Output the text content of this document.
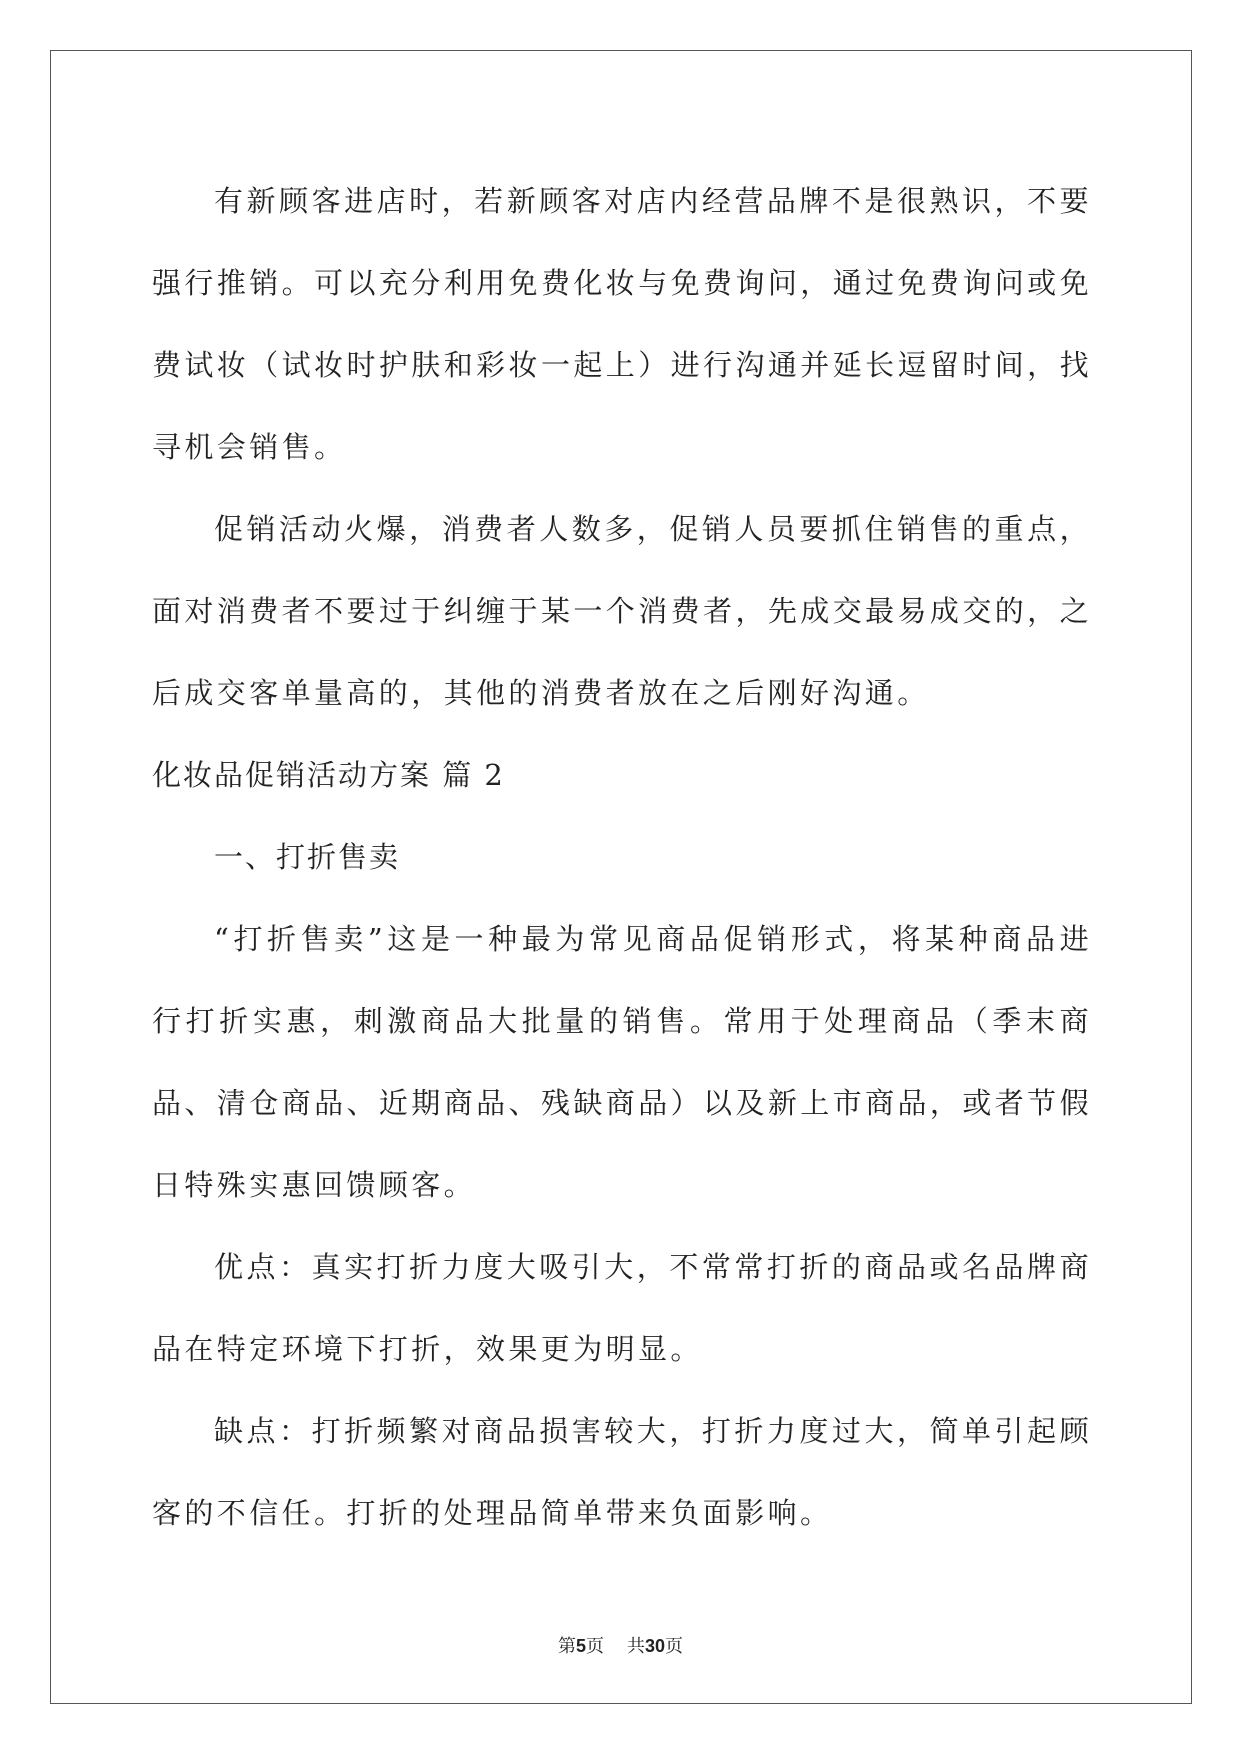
有新顾客进店时，若新顾客对店内经营品牌不是很熟识，不要强行推销。可以充分利用免费化妆与免费询问，通过免费询问或免费试妆（试妆时护肤和彩妆一起上）进行沟通并延长逗留时间，找寻机会销售。

促销活动火爆，消费者人数多，促销人员要抓住销售的重点，面对消费者不要过于纠缠于某一个消费者，先成交最易成交的，之后成交客单量高的，其他的消费者放在之后刚好沟通。

化妆品促销活动方案 篇 2

一、打折售卖

“打折售卖”这是一种最为常见商品促销形式，将某种商品进行打折实惠，刺激商品大批量的销售。常用于处理商品（季末商品、清仓商品、近期商品、残缺商品）以及新上市商品，或者节假日特殊实惠回馈顾客。

优点：真实打折力度大吸引大，不常常打折的商品或名品牌商品在特定环境下打折，效果更为明显。

缺点：打折频繁对商品损害较大，打折力度过大，简单引起顾客的不信任。打折的处理品简单带来负面影响。

第5页 共30页
